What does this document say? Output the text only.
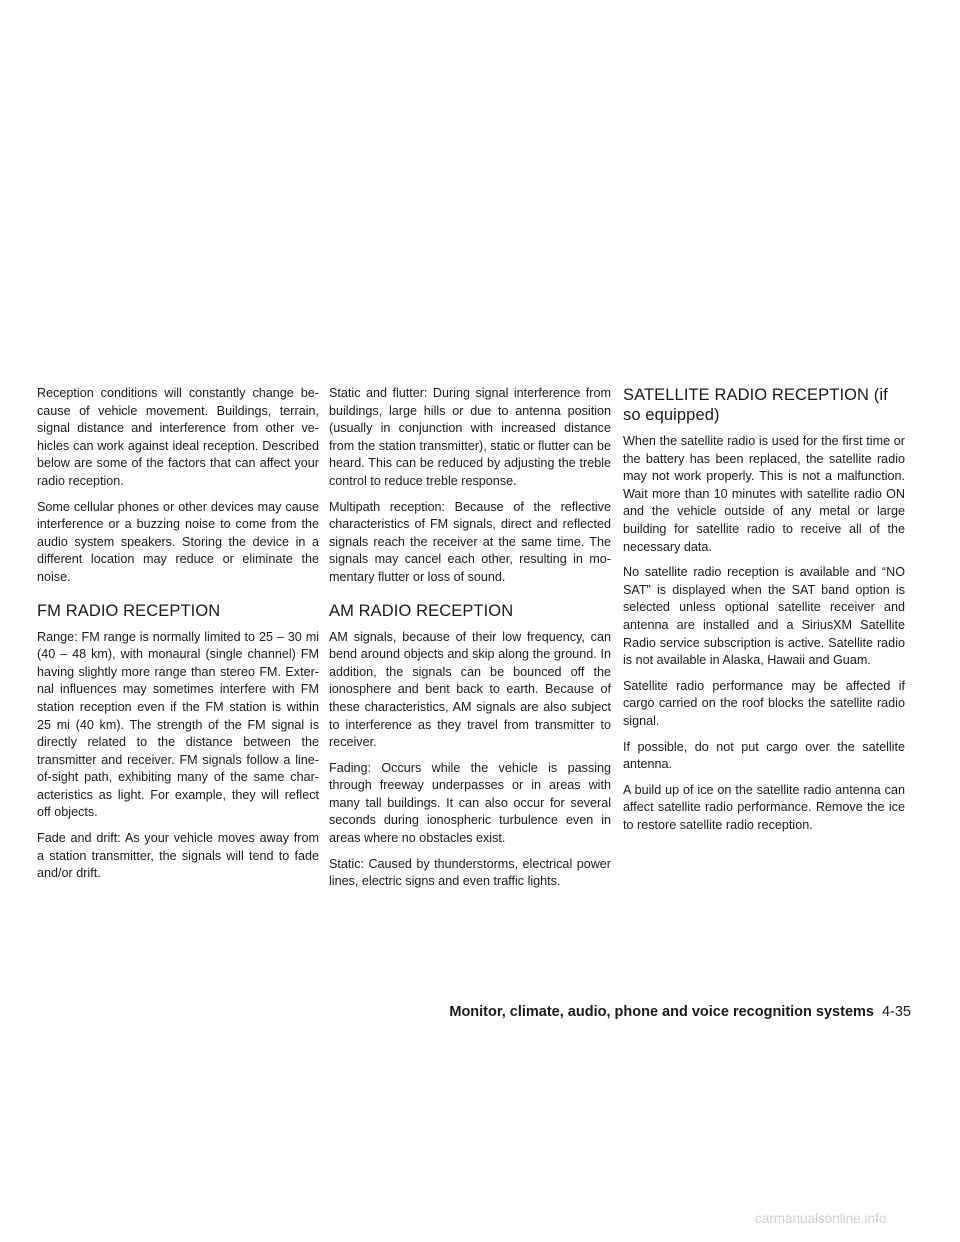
Reception conditions will constantly change because of vehicle movement. Buildings, terrain, signal distance and interference from other vehicles can work against ideal reception. Described below are some of the factors that can affect your radio reception.

Some cellular phones or other devices may cause interference or a buzzing noise to come from the audio system speakers. Storing the device in a different location may reduce or eliminate the noise.

FM RADIO RECEPTION

Range: FM range is normally limited to 25 – 30 mi (40 – 48 km), with monaural (single channel) FM having slightly more range than stereo FM. External influences may sometimes interfere with FM station reception even if the FM station is within 25 mi (40 km). The strength of the FM signal is directly related to the distance between the transmitter and receiver. FM signals follow a line-of-sight path, exhibiting many of the same characteristics as light. For example, they will reflect off objects.

Fade and drift: As your vehicle moves away from a station transmitter, the signals will tend to fade and/or drift.

Static and flutter: During signal interference from buildings, large hills or due to antenna position (usually in conjunction with increased distance from the station transmitter), static or flutter can be heard. This can be reduced by adjusting the treble control to reduce treble response.

Multipath reception: Because of the reflective characteristics of FM signals, direct and reflected signals reach the receiver at the same time. The signals may cancel each other, resulting in momentary flutter or loss of sound.

AM RADIO RECEPTION

AM signals, because of their low frequency, can bend around objects and skip along the ground. In addition, the signals can be bounced off the ionosphere and bent back to earth. Because of these characteristics, AM signals are also subject to interference as they travel from transmitter to receiver.

Fading: Occurs while the vehicle is passing through freeway underpasses or in areas with many tall buildings. It can also occur for several seconds during ionospheric turbulence even in areas where no obstacles exist.

Static: Caused by thunderstorms, electrical power lines, electric signs and even traffic lights.

SATELLITE RADIO RECEPTION (if so equipped)

When the satellite radio is used for the first time or the battery has been replaced, the satellite radio may not work properly. This is not a malfunction. Wait more than 10 minutes with satellite radio ON and the vehicle outside of any metal or large building for satellite radio to receive all of the necessary data.

No satellite radio reception is available and “NO SAT” is displayed when the SAT band option is selected unless optional satellite receiver and antenna are installed and a SiriusXM Satellite Radio service subscription is active. Satellite radio is not available in Alaska, Hawaii and Guam.

Satellite radio performance may be affected if cargo carried on the roof blocks the satellite radio signal.

If possible, do not put cargo over the satellite antenna.

A build up of ice on the satellite radio antenna can affect satellite radio performance. Remove the ice to restore satellite radio reception.

Monitor, climate, audio, phone and voice recognition systems 4-35
carmanualsonline.info
